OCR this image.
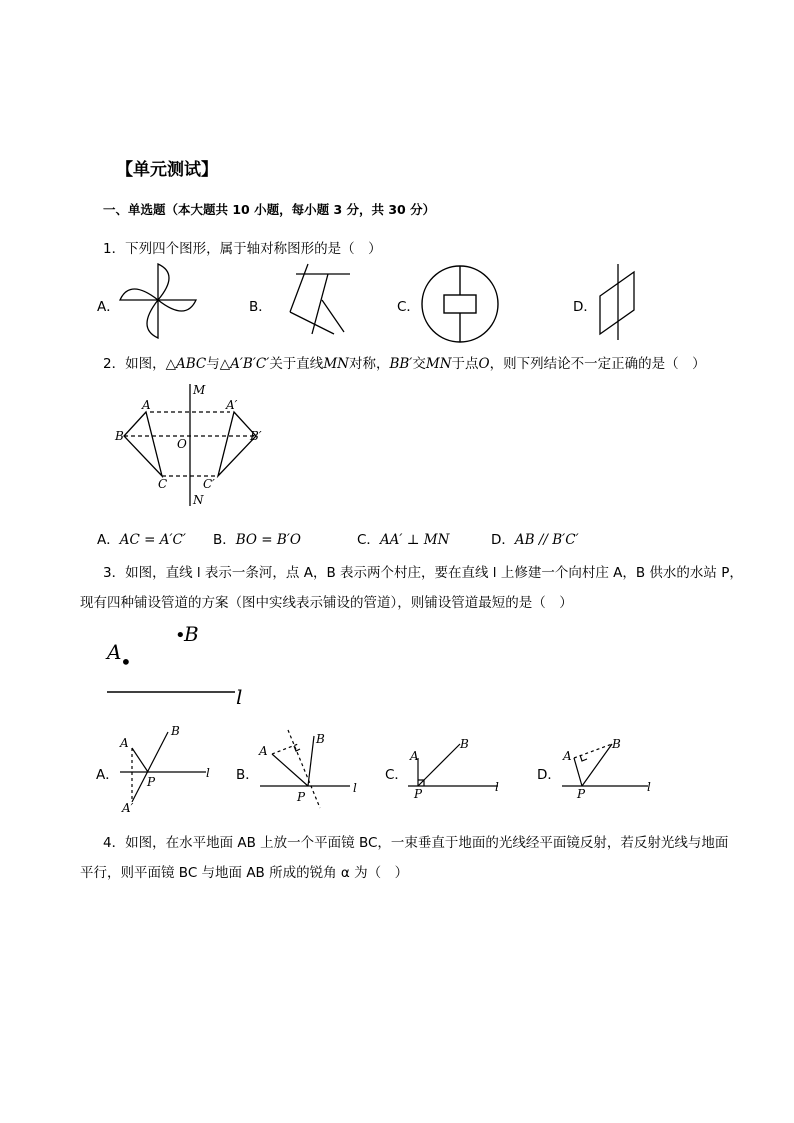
【单元测试】
一、单选题（本大题共 10 小题，每小题 3 分，共 30 分）
1．下列四个图形，属于轴对称图形的是（　）
A．	B．	C．	D．
2．如图，△ABC与△A′B′C′关于直线MN对称，BB′交MN于点O，则下列结论不一定正确的是（　）
M
N
A	A′
B	B′
O
C	C′
A．AC = A′C′ B．BO = B′O	C．AA′ ⊥ MN	D．AB // B′C′
3．如图，直线 l 表示一条河，点 A，B 表示两个村庄，要在直线 l 上修建一个向村庄 A，B 供水的水站 P，
现有四种铺设管道的方案（图中实线表示铺设的管道），则铺设管道最短的是（　）
A
•
•
B
l
A．	B．	C．	D．
A
B
P
l
A′
A
B
P
l
A
B
P	l
A
B
P	l
4．如图，在水平地面 AB 上放一个平面镜 BC，一束垂直于地面的光线经平面镜反射，若反射光线与地面
平行，则平面镜 BC 与地面 AB 所成的锐角 α 为（　）
